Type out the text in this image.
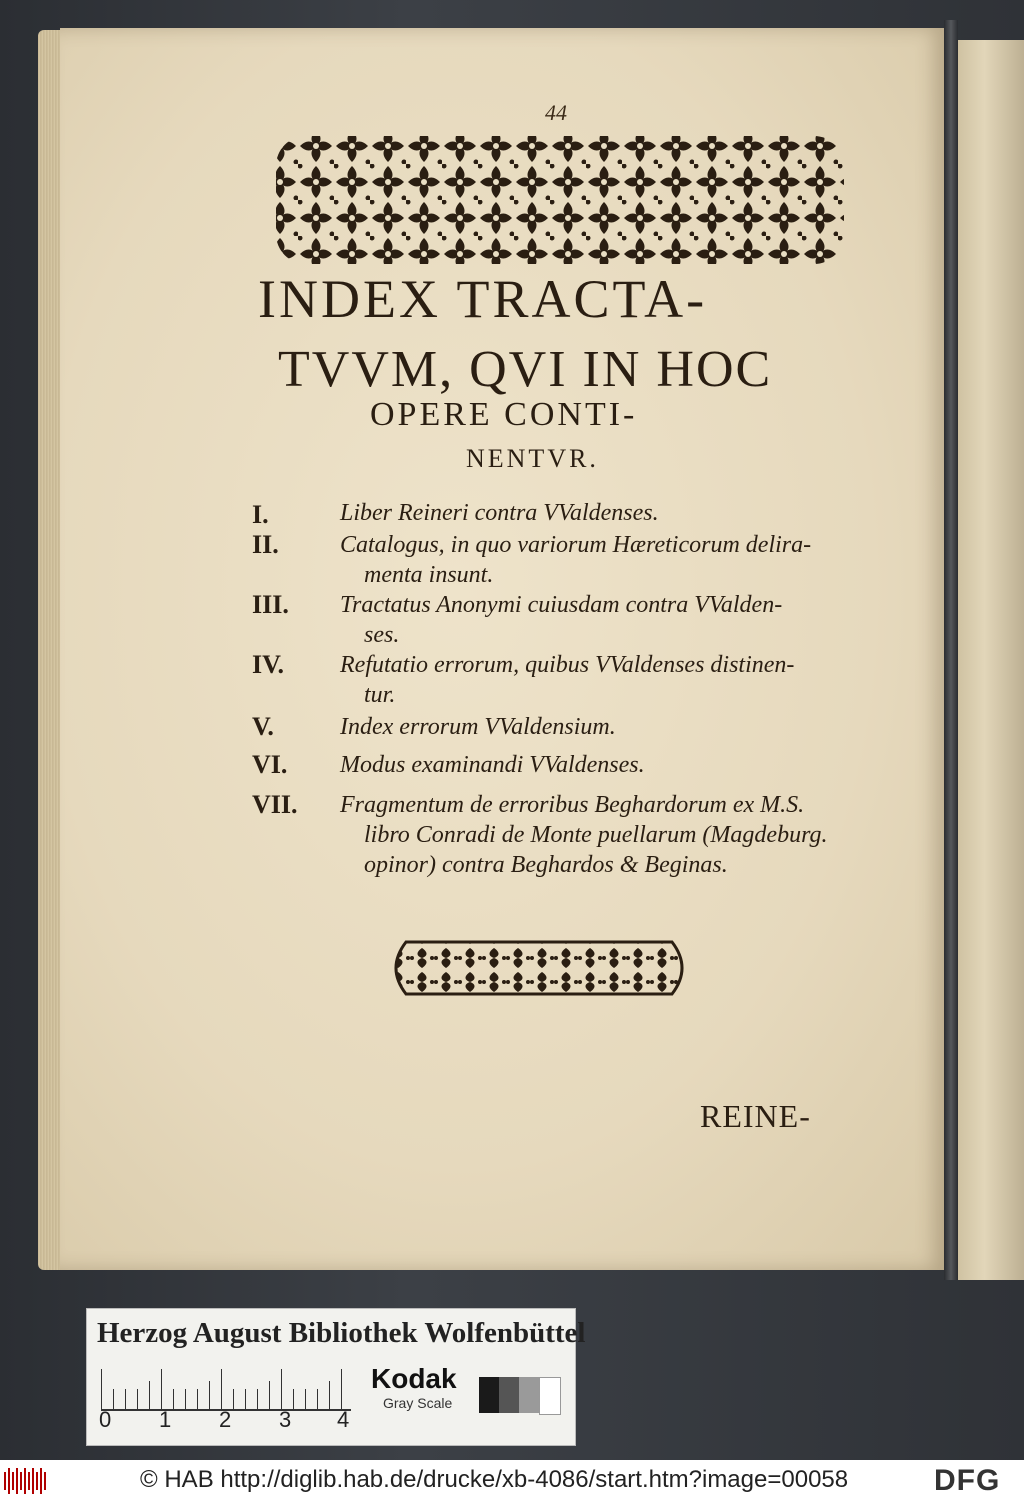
44
INDEX TRACTA-
TVVM, QVI IN HOC
OPERE CONTI-
NENTVR.
I.	Liber Reineri contra VValdenses.
II.	Catalogus, in quo variorum Hæreticorum delira-
menta insunt.
III. Tractatus Anonymi cuiusdam contra VValden-
ses.
IV. Refutatio errorum, quibus VValdenses distinen-
tur.
V.	Index errorum VValdensium.
VI. Modus examinandi VValdenses.
VII. Fragmentum de erroribus Beghardorum ex M.S.
libro Conradi de Monte puellarum (Magdeburg.
opinor) contra Beghardos & Beginas.
REINE-
Herzog August Bibliothek Wolfenbüttel
0 1 2 3 4
Kodak
Gray Scale
© HAB http://diglib.hab.de/drucke/xb-4086/start.htm?image=00058	DFG
